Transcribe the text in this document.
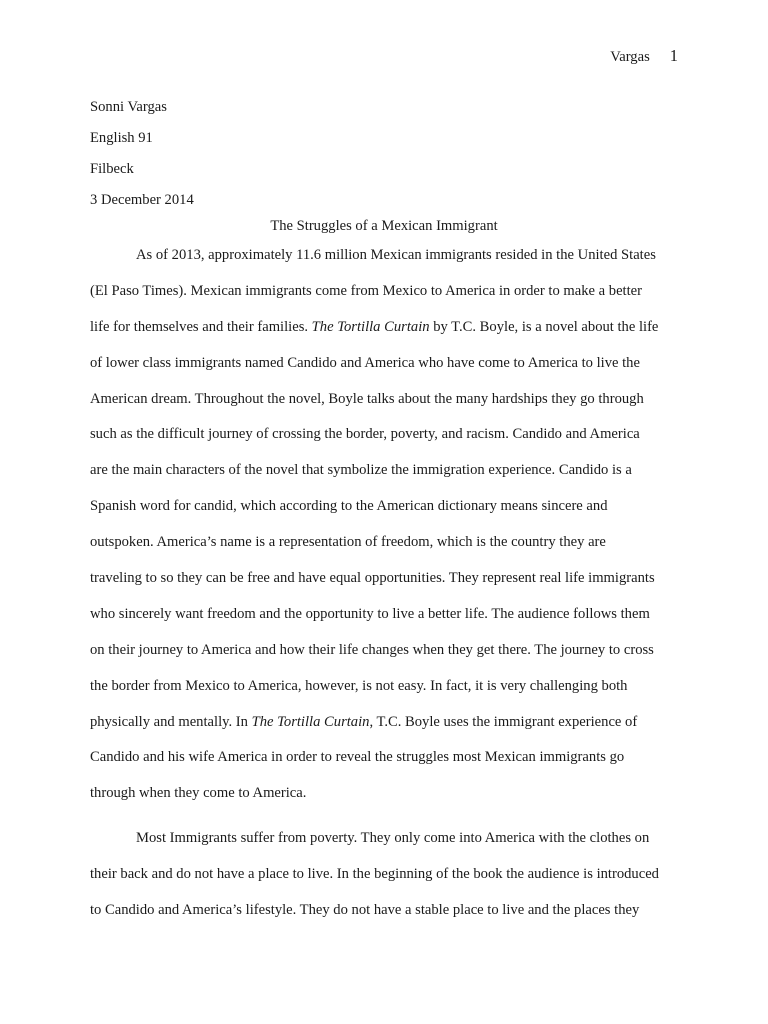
Vargas 1
Sonni Vargas
English 91
Filbeck
3 December 2014
The Struggles of a Mexican Immigrant
As of 2013, approximately 11.6 million Mexican immigrants resided in the United States
(El Paso Times). Mexican immigrants come from Mexico to America in order to make a better
life for themselves and their families. The Tortilla Curtain by T.C. Boyle, is a novel about the life
of lower class immigrants named Candido and America who have come to America to live the
American dream. Throughout the novel, Boyle talks about the many hardships they go through
such as the difficult journey of crossing the border, poverty, and racism. Candido and America
are the main characters of the novel that symbolize the immigration experience. Candido is a
Spanish word for candid, which according to the American dictionary means sincere and
outspoken. America’s name is a representation of freedom, which is the country they are
traveling to so they can be free and have equal opportunities. They represent real life immigrants
who sincerely want freedom and the opportunity to live a better life. The audience follows them
on their journey to America and how their life changes when they get there. The journey to cross
the border from Mexico to America, however, is not easy. In fact, it is very challenging both
physically and mentally. In The Tortilla Curtain, T.C. Boyle uses the immigrant experience of
Candido and his wife America in order to reveal the struggles most Mexican immigrants go
through when they come to America.
Most Immigrants suffer from poverty. They only come into America with the clothes on
their back and do not have a place to live. In the beginning of the book the audience is introduced
to Candido and America’s lifestyle. They do not have a stable place to live and the places they
